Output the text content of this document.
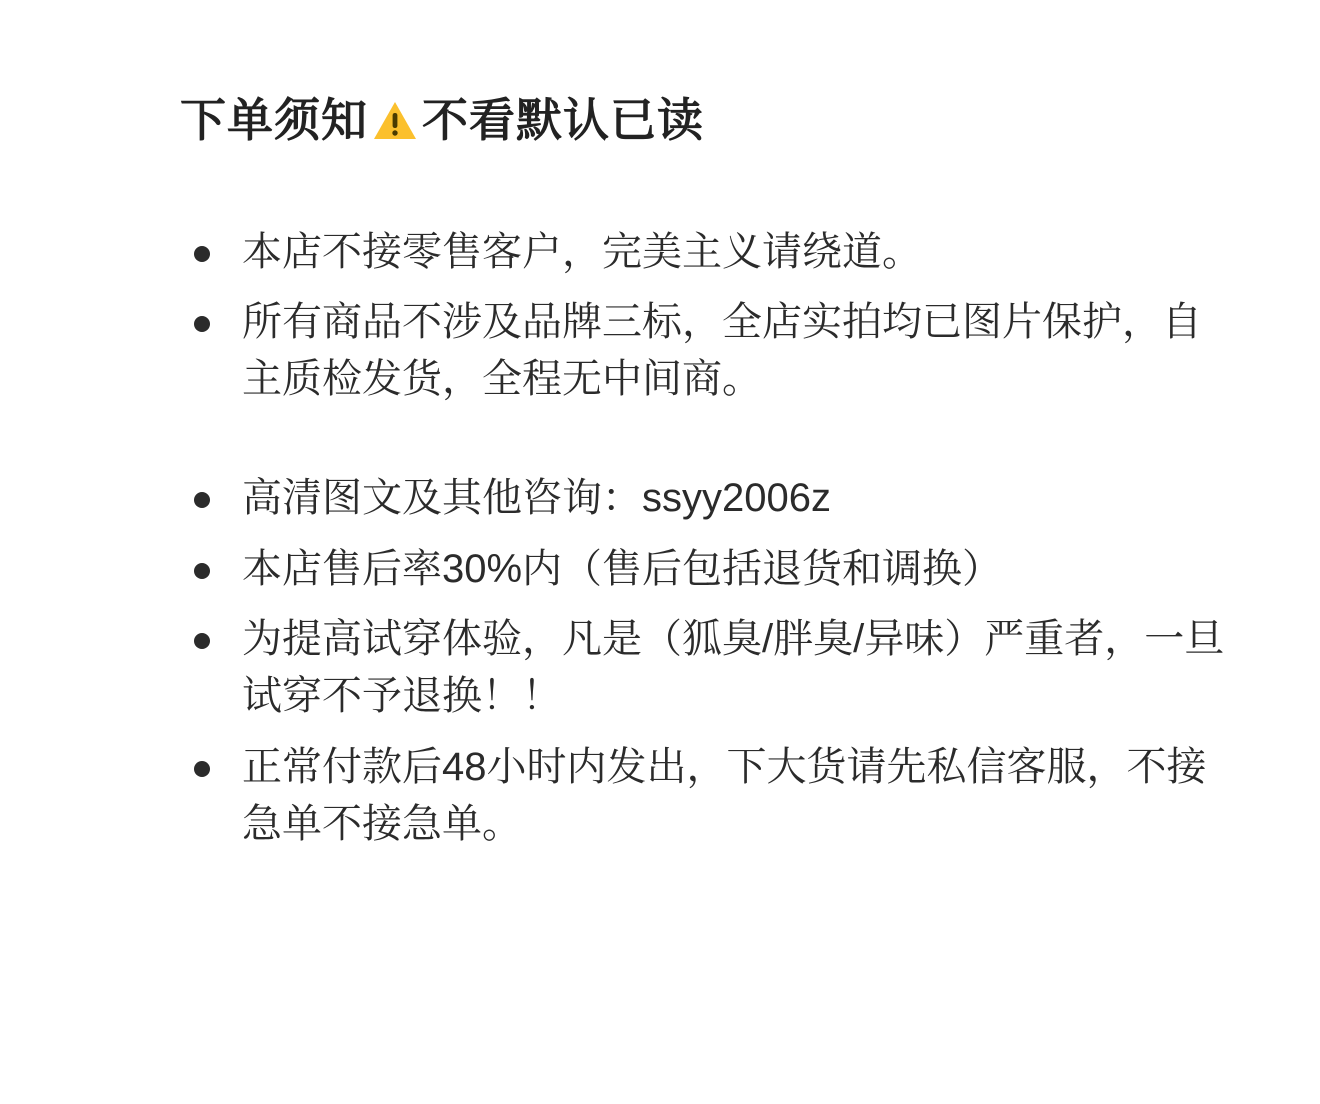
下单须知 不看默认已读
本店不接零售客户，完美主义请绕道。
所有商品不涉及品牌三标，全店实拍均已图片保护，自主质检发货，全程无中间商。
高清图文及其他咨询：ssyy2006z
本店售后率30%内（售后包括退货和调换）
为提高试穿体验，凡是（狐臭/胖臭/异味）严重者，一旦试穿不予退换！！
正常付款后48小时内发出，下大货请先私信客服，不接急单不接急单。
